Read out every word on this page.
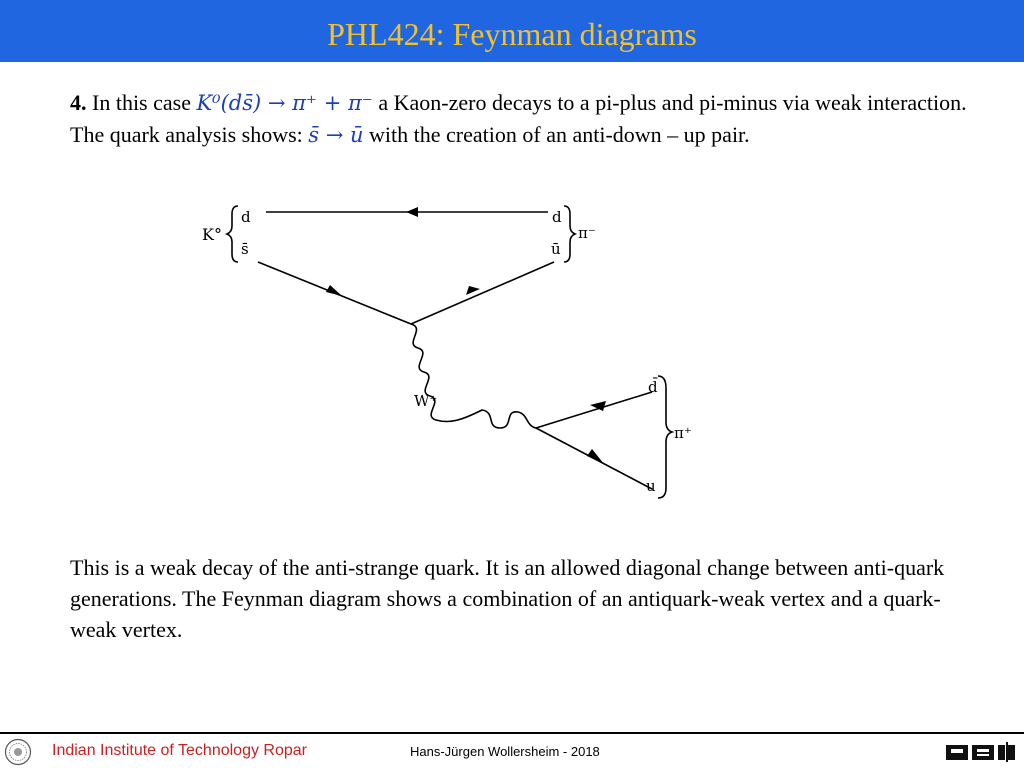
PHL424: Feynman diagrams
4. In this case K⁰(ds̄) → π⁺ + π⁻ a Kaon-zero decays to a pi-plus and pi-minus via weak interaction. The quark analysis shows: s̄ → ū with the creation of an anti-down – up pair.
K°
d
s̄
d
ū
π⁻
W⁺
d̄
u
π⁺
This is a weak decay of the anti-strange quark. It is an allowed diagonal change between anti-quark generations. The Feynman diagram shows a combination of an antiquark-weak vertex and a quark-weak vertex.
Indian Institute of Technology Ropar	Hans-Jürgen Wollersheim - 2018
